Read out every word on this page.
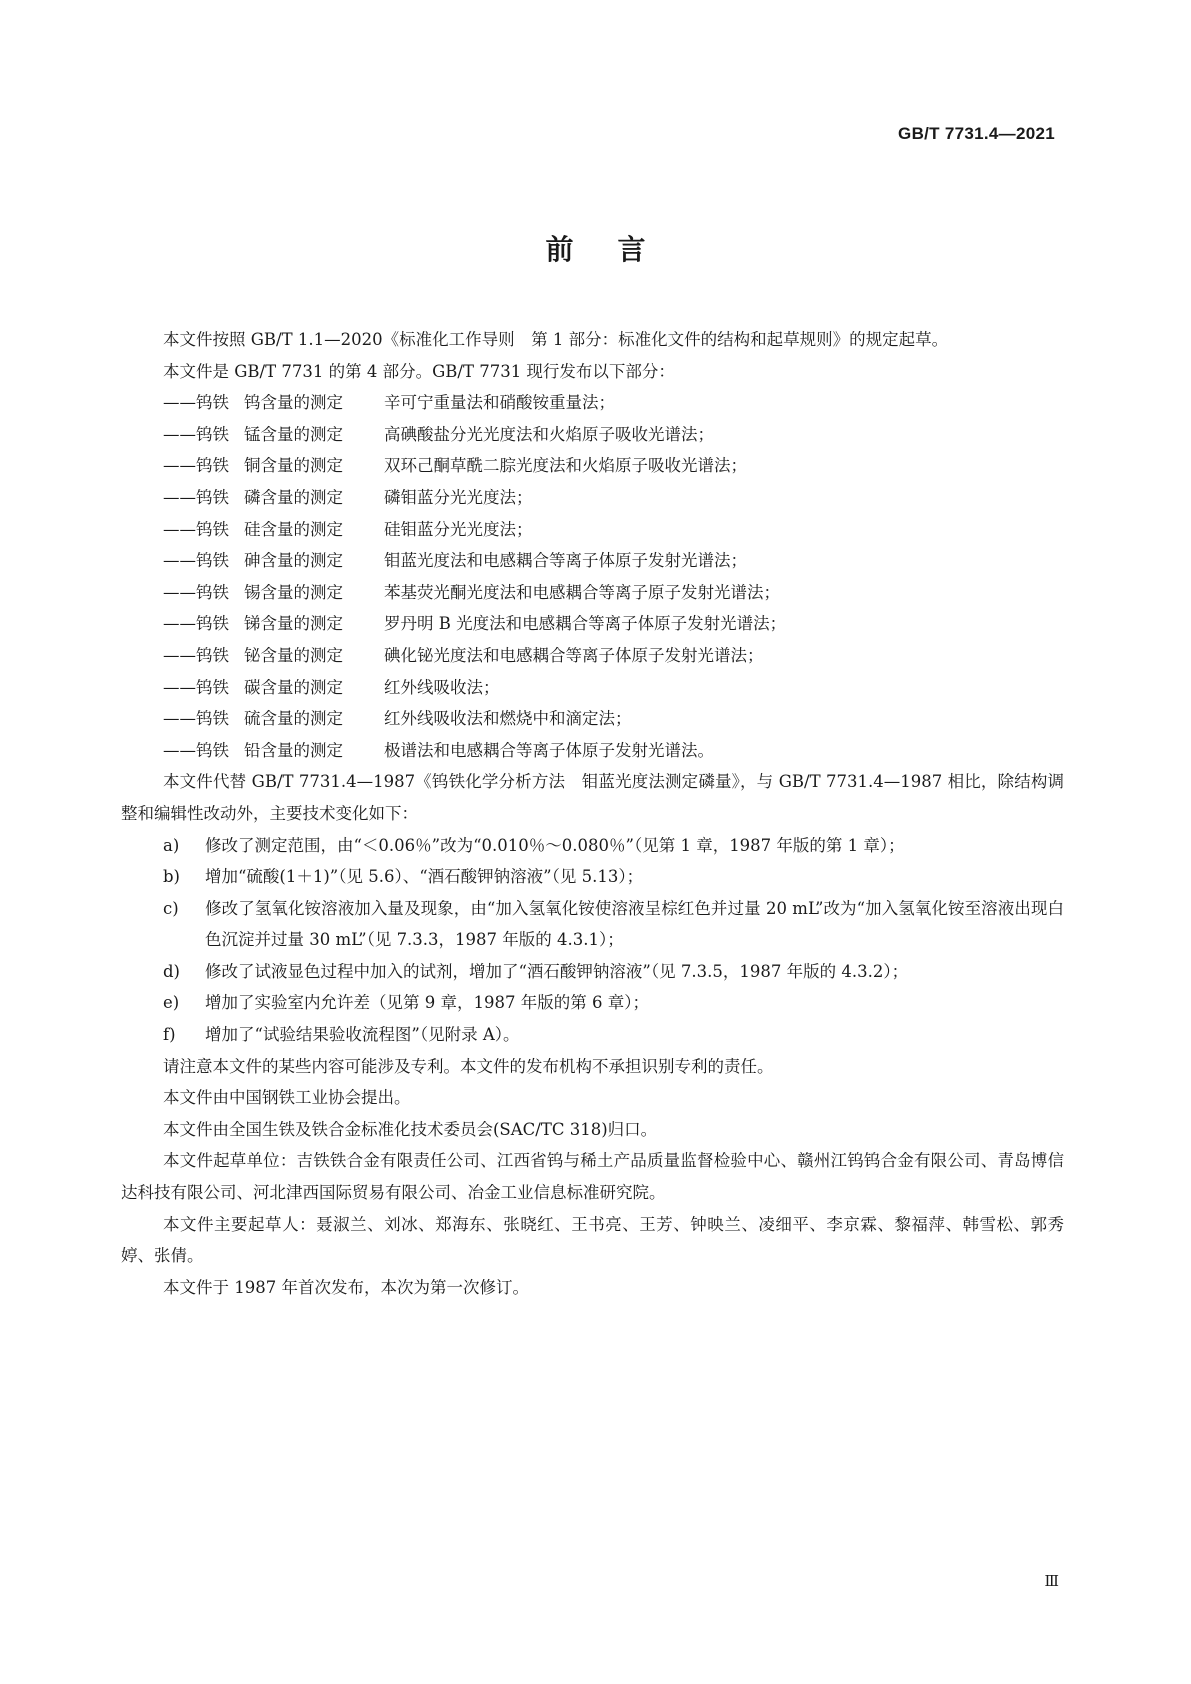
GB/T 7731.4—2021
前言

本文件按照 GB/T 1.1—2020《标准化工作导则　第 1 部分：标准化文件的结构和起草规则》的规定起草。

本文件是 GB/T 7731 的第 4 部分。GB/T 7731 现行发布以下部分：

——钨铁 钨含量的测定 辛可宁重量法和硝酸铵重量法；

——钨铁 锰含量的测定 高碘酸盐分光光度法和火焰原子吸收光谱法；

——钨铁 铜含量的测定 双环己酮草酰二腙光度法和火焰原子吸收光谱法；

——钨铁 磷含量的测定 磷钼蓝分光光度法；

——钨铁 硅含量的测定 硅钼蓝分光光度法；

——钨铁 砷含量的测定 钼蓝光度法和电感耦合等离子体原子发射光谱法；

——钨铁 锡含量的测定 苯基荧光酮光度法和电感耦合等离子原子发射光谱法；

——钨铁 锑含量的测定 罗丹明 B 光度法和电感耦合等离子体原子发射光谱法；

——钨铁 铋含量的测定 碘化铋光度法和电感耦合等离子体原子发射光谱法；

——钨铁 碳含量的测定 红外线吸收法；

——钨铁 硫含量的测定 红外线吸收法和燃烧中和滴定法；

——钨铁 铅含量的测定 极谱法和电感耦合等离子体原子发射光谱法。

本文件代替 GB/T 7731.4—1987《钨铁化学分析方法　钼蓝光度法测定磷量》，与 GB/T 7731.4—1987 相比，除结构调整和编辑性改动外，主要技术变化如下：

a) 修改了测定范围，由“＜0.06％”改为“0.010％～0.080％”（见第 1 章，1987 年版的第 1 章）；

b) 增加“硫酸(1＋1)”（见 5.6）、“酒石酸钾钠溶液”（见 5.13）；

c) 修改了氢氧化铵溶液加入量及现象，由“加入氢氧化铵使溶液呈棕红色并过量 20 mL”改为“加入氢氧化铵至溶液出现白色沉淀并过量 30 mL”（见 7.3.3，1987 年版的 4.3.1）；

d) 修改了试液显色过程中加入的试剂，增加了“酒石酸钾钠溶液”（见 7.3.5，1987 年版的 4.3.2）；

e) 增加了实验室内允许差（见第 9 章，1987 年版的第 6 章）；

f) 增加了“试验结果验收流程图”（见附录 A）。

请注意本文件的某些内容可能涉及专利。本文件的发布机构不承担识别专利的责任。

本文件由中国钢铁工业协会提出。

本文件由全国生铁及铁合金标准化技术委员会(SAC/TC 318)归口。

本文件起草单位：吉铁铁合金有限责任公司、江西省钨与稀土产品质量监督检验中心、赣州江钨钨合金有限公司、青岛博信达科技有限公司、河北津西国际贸易有限公司、冶金工业信息标准研究院。

本文件主要起草人：聂淑兰、刘冰、郑海东、张晓红、王书亮、王芳、钟映兰、凌细平、李京霖、黎福萍、韩雪松、郭秀婷、张倩。

本文件于 1987 年首次发布，本次为第一次修订。

Ⅲ
